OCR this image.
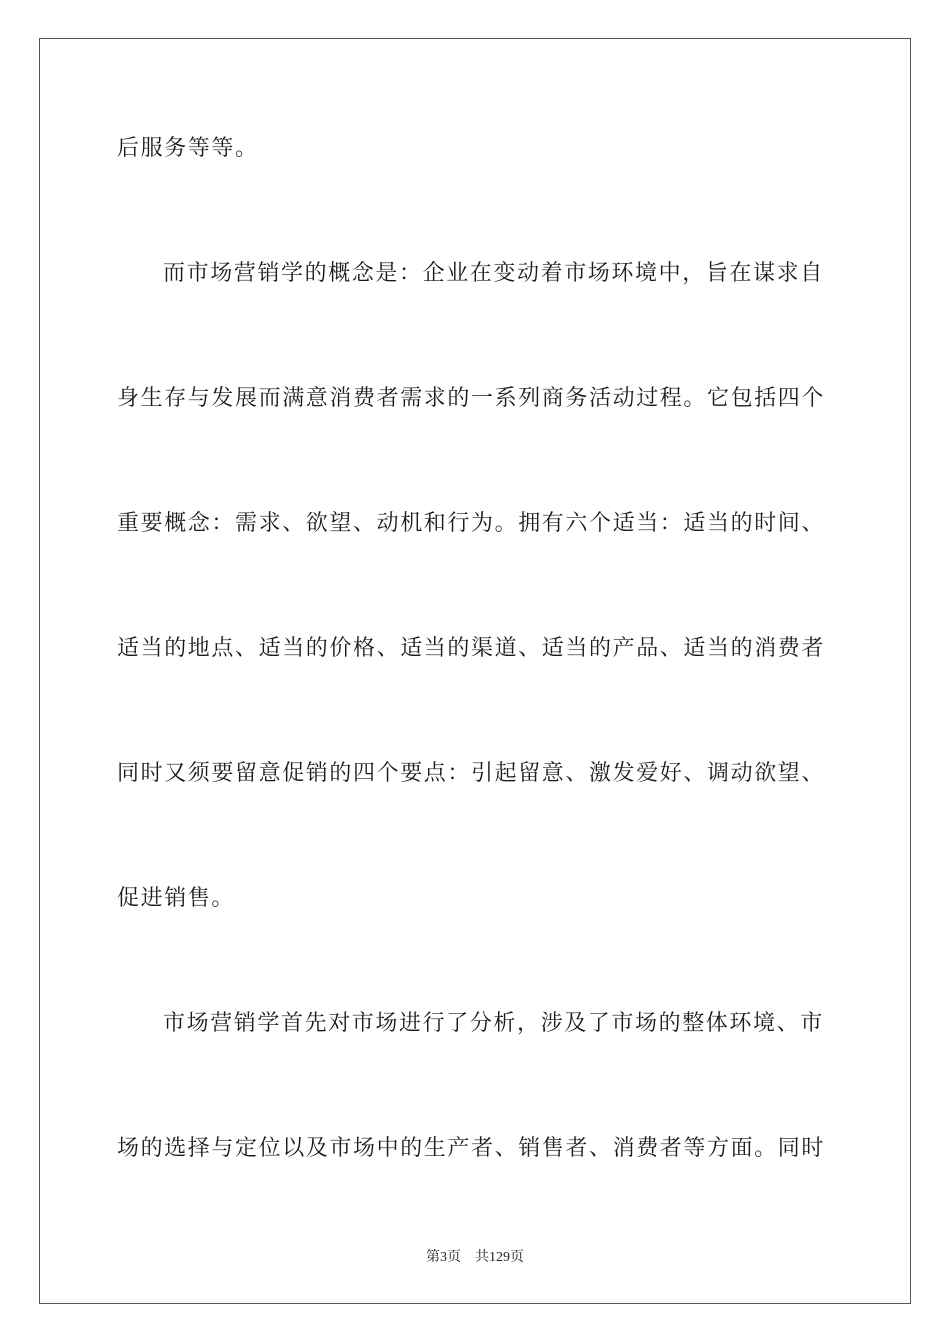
后服务等等。
而市场营销学的概念是：企业在变动着市场环境中，旨在谋求自
身生存与发展而满意消费者需求的一系列商务活动过程。它包括四个
重要概念：需求、欲望、动机和行为。拥有六个适当：适当的时间、
适当的地点、适当的价格、适当的渠道、适当的产品、适当的消费者
同时又须要留意促销的四个要点：引起留意、激发爱好、调动欲望、
促进销售。
市场营销学首先对市场进行了分析，涉及了市场的整体环境、市
场的选择与定位以及市场中的生产者、销售者、消费者等方面。同时
第3页 共129页
